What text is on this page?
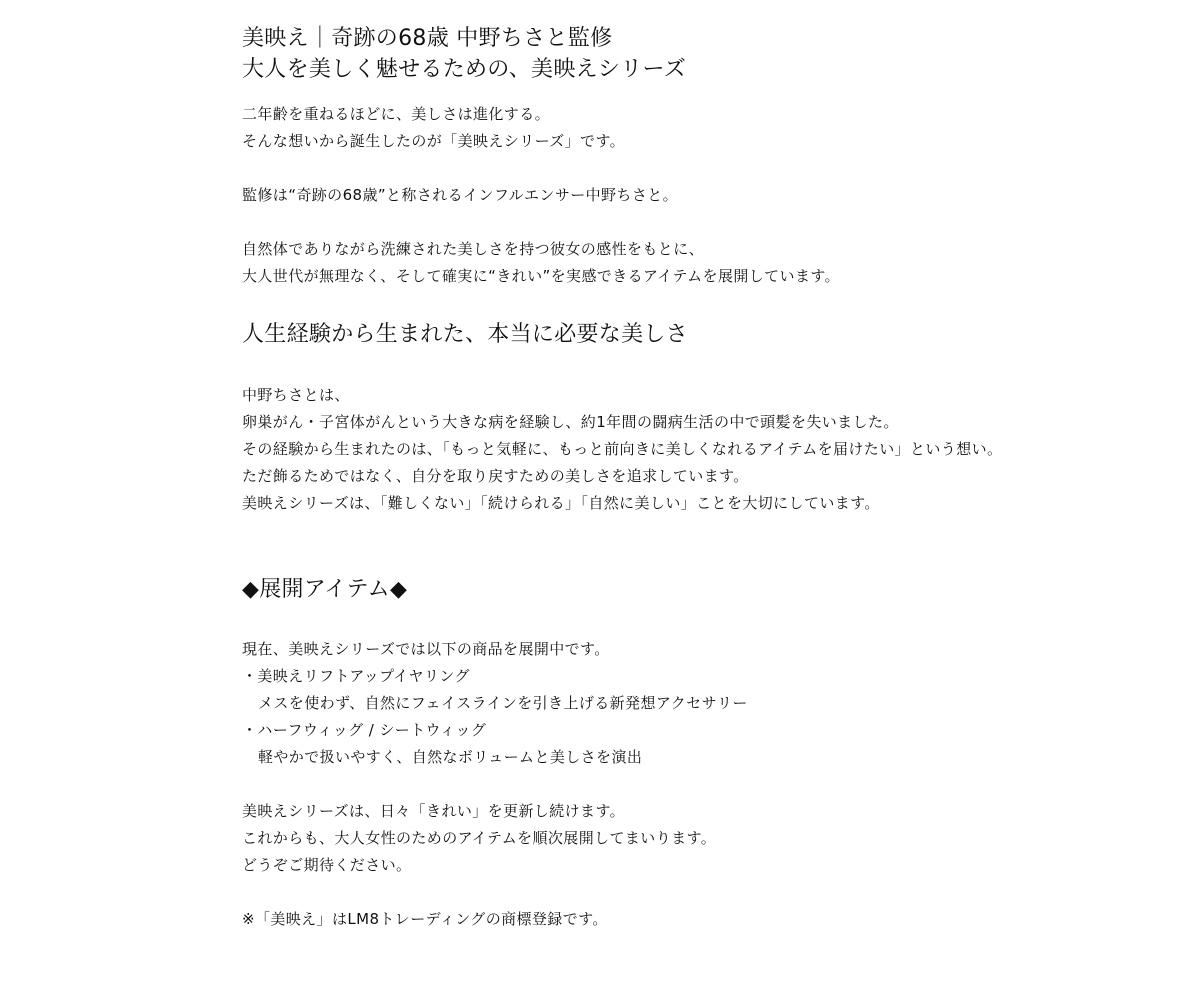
美映え｜奇跡の68歳 中野ちさと監修
大人を美しく魅せるための、美映えシリーズ

二年齢を重ねるほどに、美しさは進化する。

そんな想いから誕生したのが「美映えシリーズ」です。

監修は“奇跡の68歳”と称されるインフルエンサー中野ちさと。

自然体でありながら洗練された美しさを持つ彼女の感性をもとに、

大人世代が無理なく、そして確実に“きれい”を実感できるアイテムを展開しています。

人生経験から生まれた、本当に必要な美しさ

中野ちさとは、

卵巣がん・子宮体がんという大きな病を経験し、約1年間の闘病生活の中で頭髪を失いました。

その経験から生まれたのは、「もっと気軽に、もっと前向きに美しくなれるアイテムを届けたい」という想い。

ただ飾るためではなく、自分を取り戻すための美しさを追求しています。

美映えシリーズは、「難しくない」「続けられる」「自然に美しい」ことを大切にしています。

◆展開アイテム◆

現在、美映えシリーズでは以下の商品を展開中です。

・美映えリフトアップイヤリング

メスを使わず、自然にフェイスラインを引き上げる新発想アクセサリー

・ハーフウィッグ / シートウィッグ

軽やかで扱いやすく、自然なボリュームと美しさを演出

美映えシリーズは、日々「きれい」を更新し続けます。

これからも、大人女性のためのアイテムを順次展開してまいります。

どうぞご期待ください。

※「美映え」はLM8トレーディングの商標登録です。
